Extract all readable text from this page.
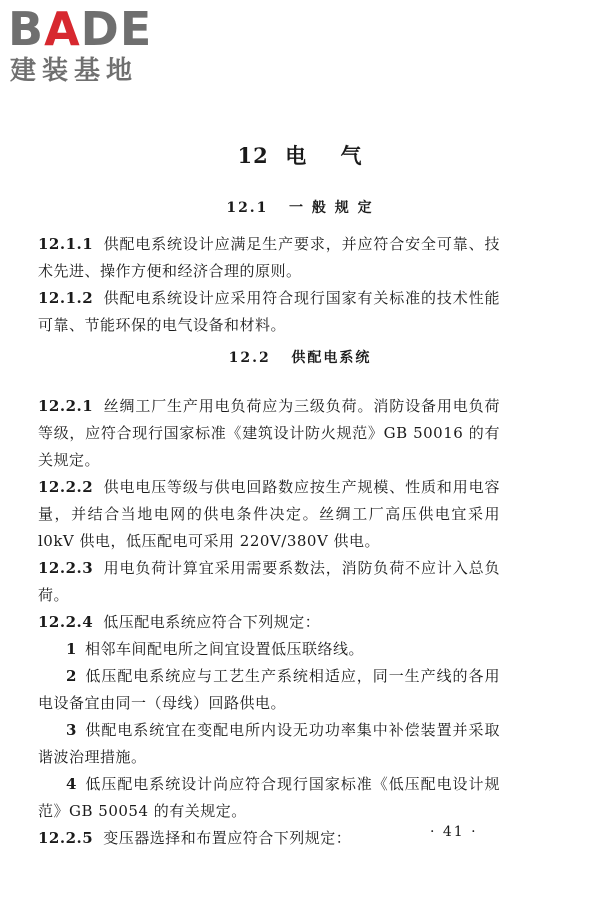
BADE
建装基地
12  电    气
12.1   一 般 规 定

12.1.1 供配电系统设计应满足生产要求，并应符合安全可靠、技术先进、操作方便和经济合理的原则。

12.1.2 供配电系统设计应采用符合现行国家有关标准的技术性能可靠、节能环保的电气设备和材料。

12.2.1 丝绸工厂生产用电负荷应为三级负荷。消防设备用电负荷等级，应符合现行国家标准《建筑设计防火规范》GB 50016 的有关规定。

12.2.2 供电电压等级与供电回路数应按生产规模、性质和用电容量，并结合当地电网的供电条件决定。丝绸工厂高压供电宜采用 l0kV 供电，低压配电可采用 220V/380V 供电。

12.2.3 用电负荷计算宜采用需要系数法，消防负荷不应计入总负荷。

12.2.4 低压配电系统应符合下列规定：

1 相邻车间配电所之间宜设置低压联络线。

2 低压配电系统应与工艺生产系统相适应，同一生产线的各用电设备宜由同一（母线）回路供电。

3 供配电系统宜在变配电所内设无功功率集中补偿装置并采取谐波治理措施。

4 低压配电系统设计尚应符合现行国家标准《低压配电设计规范》GB 50054 的有关规定。

12.2.5 变压器选择和布置应符合下列规定：

12.2   供配电系统
· 41 ·
